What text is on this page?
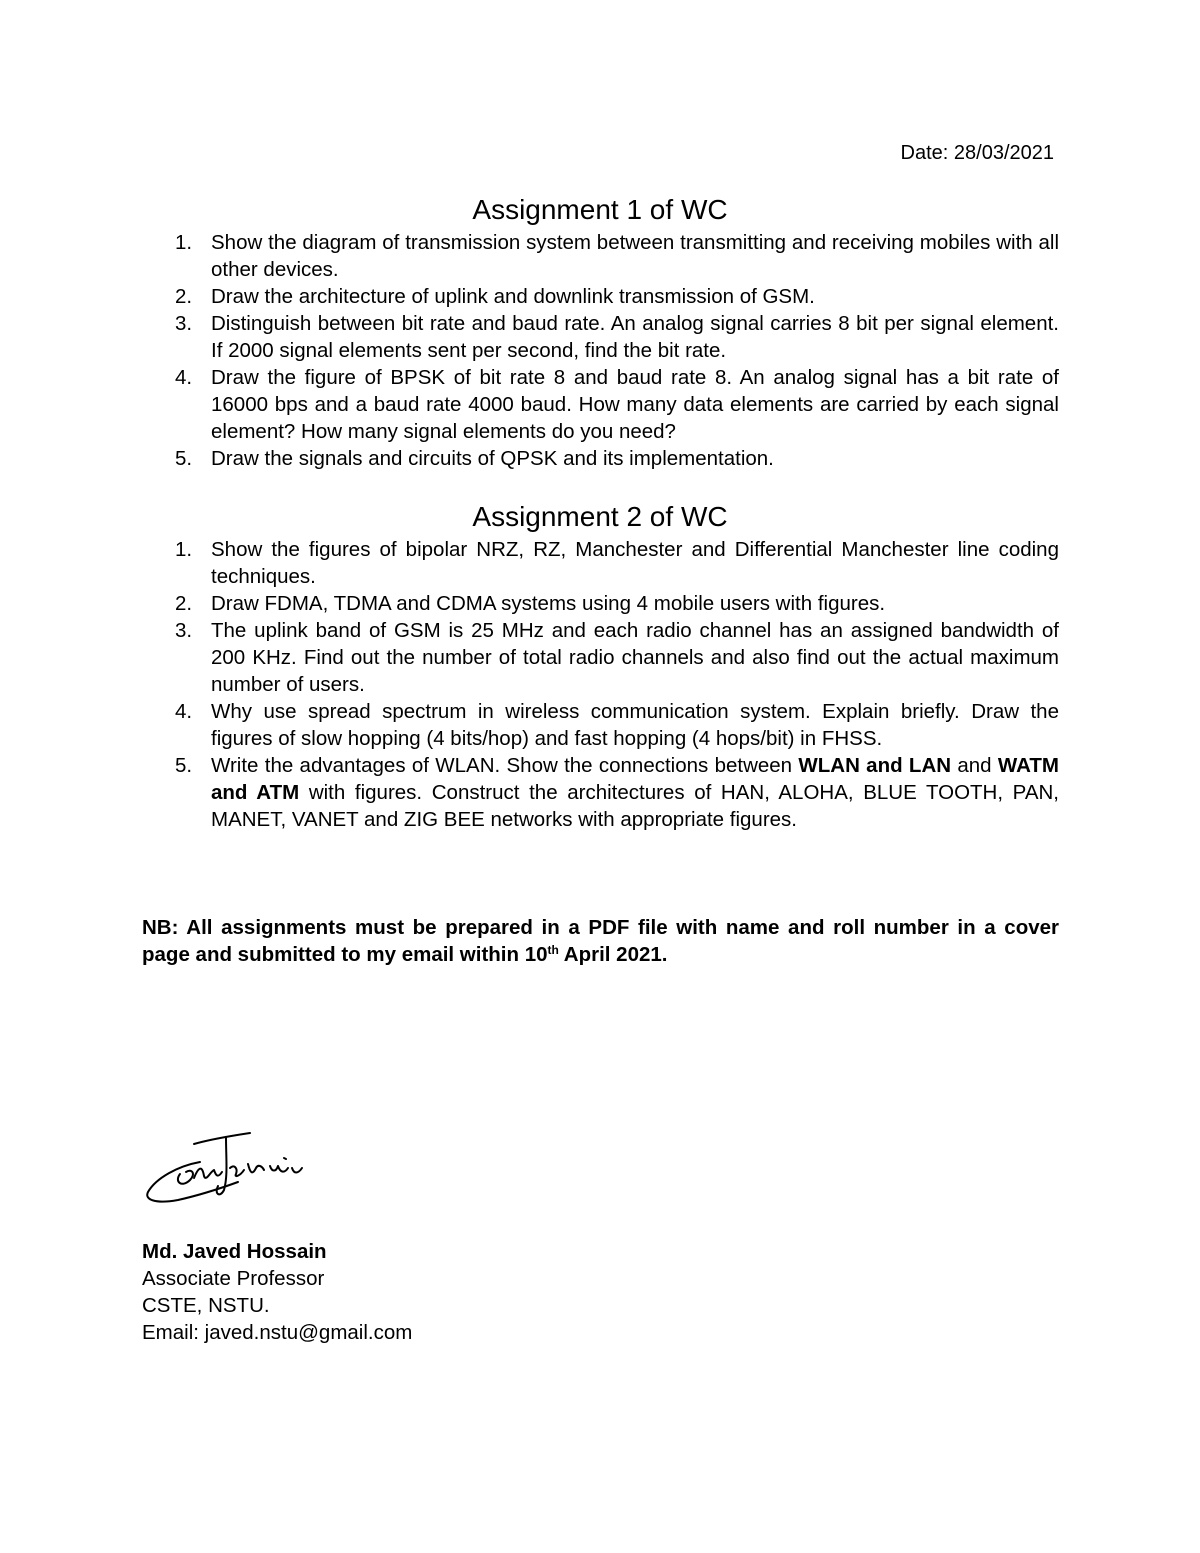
Date: 28/03/2021
Assignment 1 of WC
1. Show the diagram of transmission system between transmitting and receiving mobiles with all other devices.
2. Draw the architecture of uplink and downlink transmission of GSM.
3. Distinguish between bit rate and baud rate. An analog signal carries 8 bit per signal element. If 2000 signal elements sent per second, find the bit rate.
4. Draw the figure of BPSK of bit rate 8 and baud rate 8. An analog signal has a bit rate of 16000 bps and a baud rate 4000 baud. How many data elements are carried by each signal element? How many signal elements do you need?
5. Draw the signals and circuits of QPSK and its implementation.
Assignment 2 of WC
1. Show the figures of bipolar NRZ, RZ, Manchester and Differential Manchester line coding techniques.
2. Draw FDMA, TDMA and CDMA systems using 4 mobile users with figures.
3. The uplink band of GSM is 25 MHz and each radio channel has an assigned bandwidth of 200 KHz. Find out the number of total radio channels and also find out the actual maximum number of users.
4. Why use spread spectrum in wireless communication system. Explain briefly. Draw the figures of slow hopping (4 bits/hop) and fast hopping (4 hops/bit) in FHSS.
5. Write the advantages of WLAN. Show the connections between WLAN and LAN and WATM and ATM with figures. Construct the architectures of HAN, ALOHA, BLUE TOOTH, PAN, MANET, VANET and ZIG BEE networks with appropriate figures.
NB: All assignments must be prepared in a PDF file with name and roll number in a cover page and submitted to my email within 10th April 2021.
Md. Javed Hossain
Associate Professor
CSTE, NSTU.
Email: javed.nstu@gmail.com
